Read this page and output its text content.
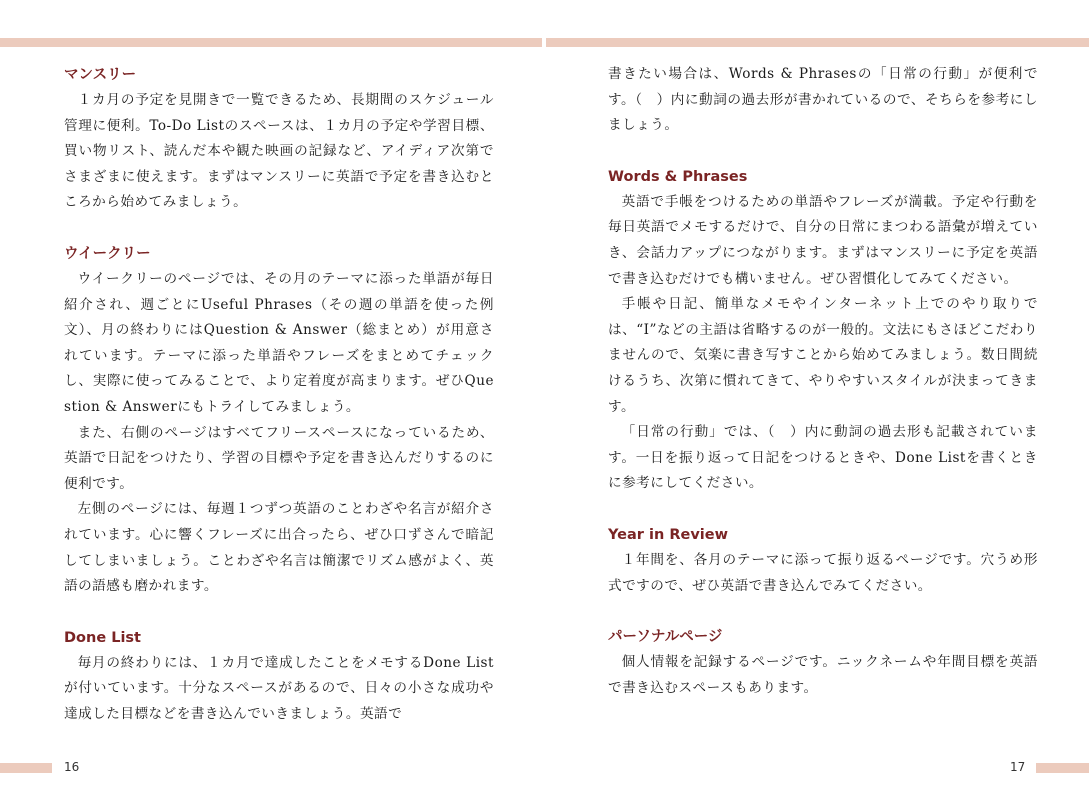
マンスリー

１カ月の予定を見開きで一覧できるため、長期間のスケジュール管理に便利。To-Do Listのスペースは、１カ月の予定や学習目標、買い物リスト、読んだ本や観た映画の記録など、アイディア次第でさまざまに使えます。まずはマンスリーに英語で予定を書き込むところから始めてみましょう。

ウイークリー

ウイークリーのページでは、その月のテーマに添った単語が毎日紹介され、週ごとにUseful Phrases（その週の単語を使った例文）、月の終わりにはQuestion & Answer（総まとめ）が用意されています。テーマに添った単語やフレーズをまとめてチェックし、実際に使ってみることで、より定着度が高まります。ぜひQuestion & Answerにもトライしてみましょう。

また、右側のページはすべてフリースペースになっているため、英語で日記をつけたり、学習の目標や予定を書き込んだりするのに便利です。

左側のページには、毎週１つずつ英語のことわざや名言が紹介されています。心に響くフレーズに出合ったら、ぜひ口ずさんで暗記してしまいましょう。ことわざや名言は簡潔でリズム感がよく、英語の語感も磨かれます。

Done List

毎月の終わりには、１カ月で達成したことをメモするDone Listが付いています。十分なスペースがあるので、日々の小さな成功や達成した目標などを書き込んでいきましょう。英語で

書きたい場合は、Words & Phrasesの「日常の行動」が便利です。（　）内に動詞の過去形が書かれているので、そちらを参考にしましょう。

Words & Phrases

英語で手帳をつけるための単語やフレーズが満載。予定や行動を毎日英語でメモするだけで、自分の日常にまつわる語彙が増えていき、会話力アップにつながります。まずはマンスリーに予定を英語で書き込むだけでも構いません。ぜひ習慣化してみてください。

手帳や日記、簡単なメモやインターネット上でのやり取りでは、“I”などの主語は省略するのが一般的。文法にもさほどこだわりませんので、気楽に書き写すことから始めてみましょう。数日間続けるうち、次第に慣れてきて、やりやすいスタイルが決まってきます。

「日常の行動」では、（　）内に動詞の過去形も記載されています。一日を振り返って日記をつけるときや、Done Listを書くときに参考にしてください。

Year in Review

１年間を、各月のテーマに添って振り返るページです。穴うめ形式ですので、ぜひ英語で書き込んでみてください。

パーソナルページ

個人情報を記録するページです。ニックネームや年間目標を英語で書き込むスペースもあります。

16	17
